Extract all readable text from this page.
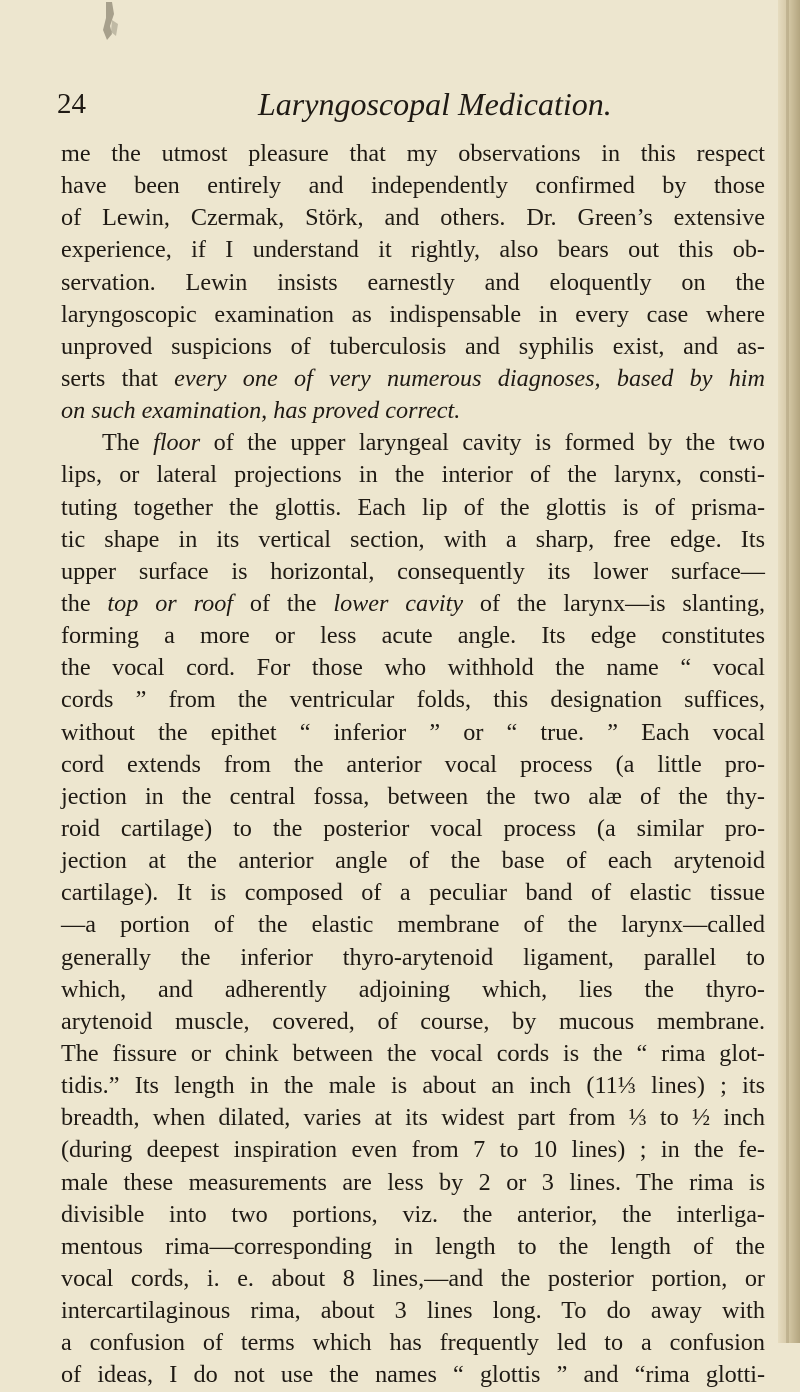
24	Laryngoscopal Medication.
me the utmost pleasure that my observations in this respect
have been entirely and independently confirmed by those
of Lewin, Czermak, Störk, and others. Dr. Green’s extensive
experience, if I understand it rightly, also bears out this ob-
servation. Lewin insists earnestly and eloquently on the
laryngoscopic examination as indispensable in every case where
unproved suspicions of tuberculosis and syphilis exist, and as-
serts that every one of very numerous diagnoses, based by him
on such examination, has proved correct.
The floor of the upper laryngeal cavity is formed by the two
lips, or lateral projections in the interior of the larynx, consti-
tuting together the glottis. Each lip of the glottis is of prisma-
tic shape in its vertical section, with a sharp, free edge. Its
upper surface is horizontal, consequently its lower surface—
the top or roof of the lower cavity of the larynx—is slanting,
forming a more or less acute angle. Its edge constitutes
the vocal cord. For those who withhold the name “ vocal
cords ” from the ventricular folds, this designation suffices,
without the epithet “ inferior ” or “ true. ” Each vocal
cord extends from the anterior vocal process (a little pro-
jection in the central fossa, between the two alæ of the thy-
roid cartilage) to the posterior vocal process (a similar pro-
jection at the anterior angle of the base of each arytenoid
cartilage). It is composed of a peculiar band of elastic tissue
—a portion of the elastic membrane of the larynx—called
generally the inferior thyro-arytenoid ligament, parallel to
which, and adherently adjoining which, lies the thyro-
arytenoid muscle, covered, of course, by mucous membrane.
The fissure or chink between the vocal cords is the “ rima glot-
tidis.” Its length in the male is about an inch (11⅓ lines) ; its
breadth, when dilated, varies at its widest part from ⅓ to ½ inch
(during deepest inspiration even from 7 to 10 lines) ; in the fe-
male these measurements are less by 2 or 3 lines. The rima is
divisible into two portions, viz. the anterior, the interliga-
mentous rima—corresponding in length to the length of the
vocal cords, i. e. about 8 lines,—and the posterior portion, or
intercartilaginous rima, about 3 lines long. To do away with
a confusion of terms which has frequently led to a confusion
of ideas, I do not use the names “ glottis ” and “rima glotti-
